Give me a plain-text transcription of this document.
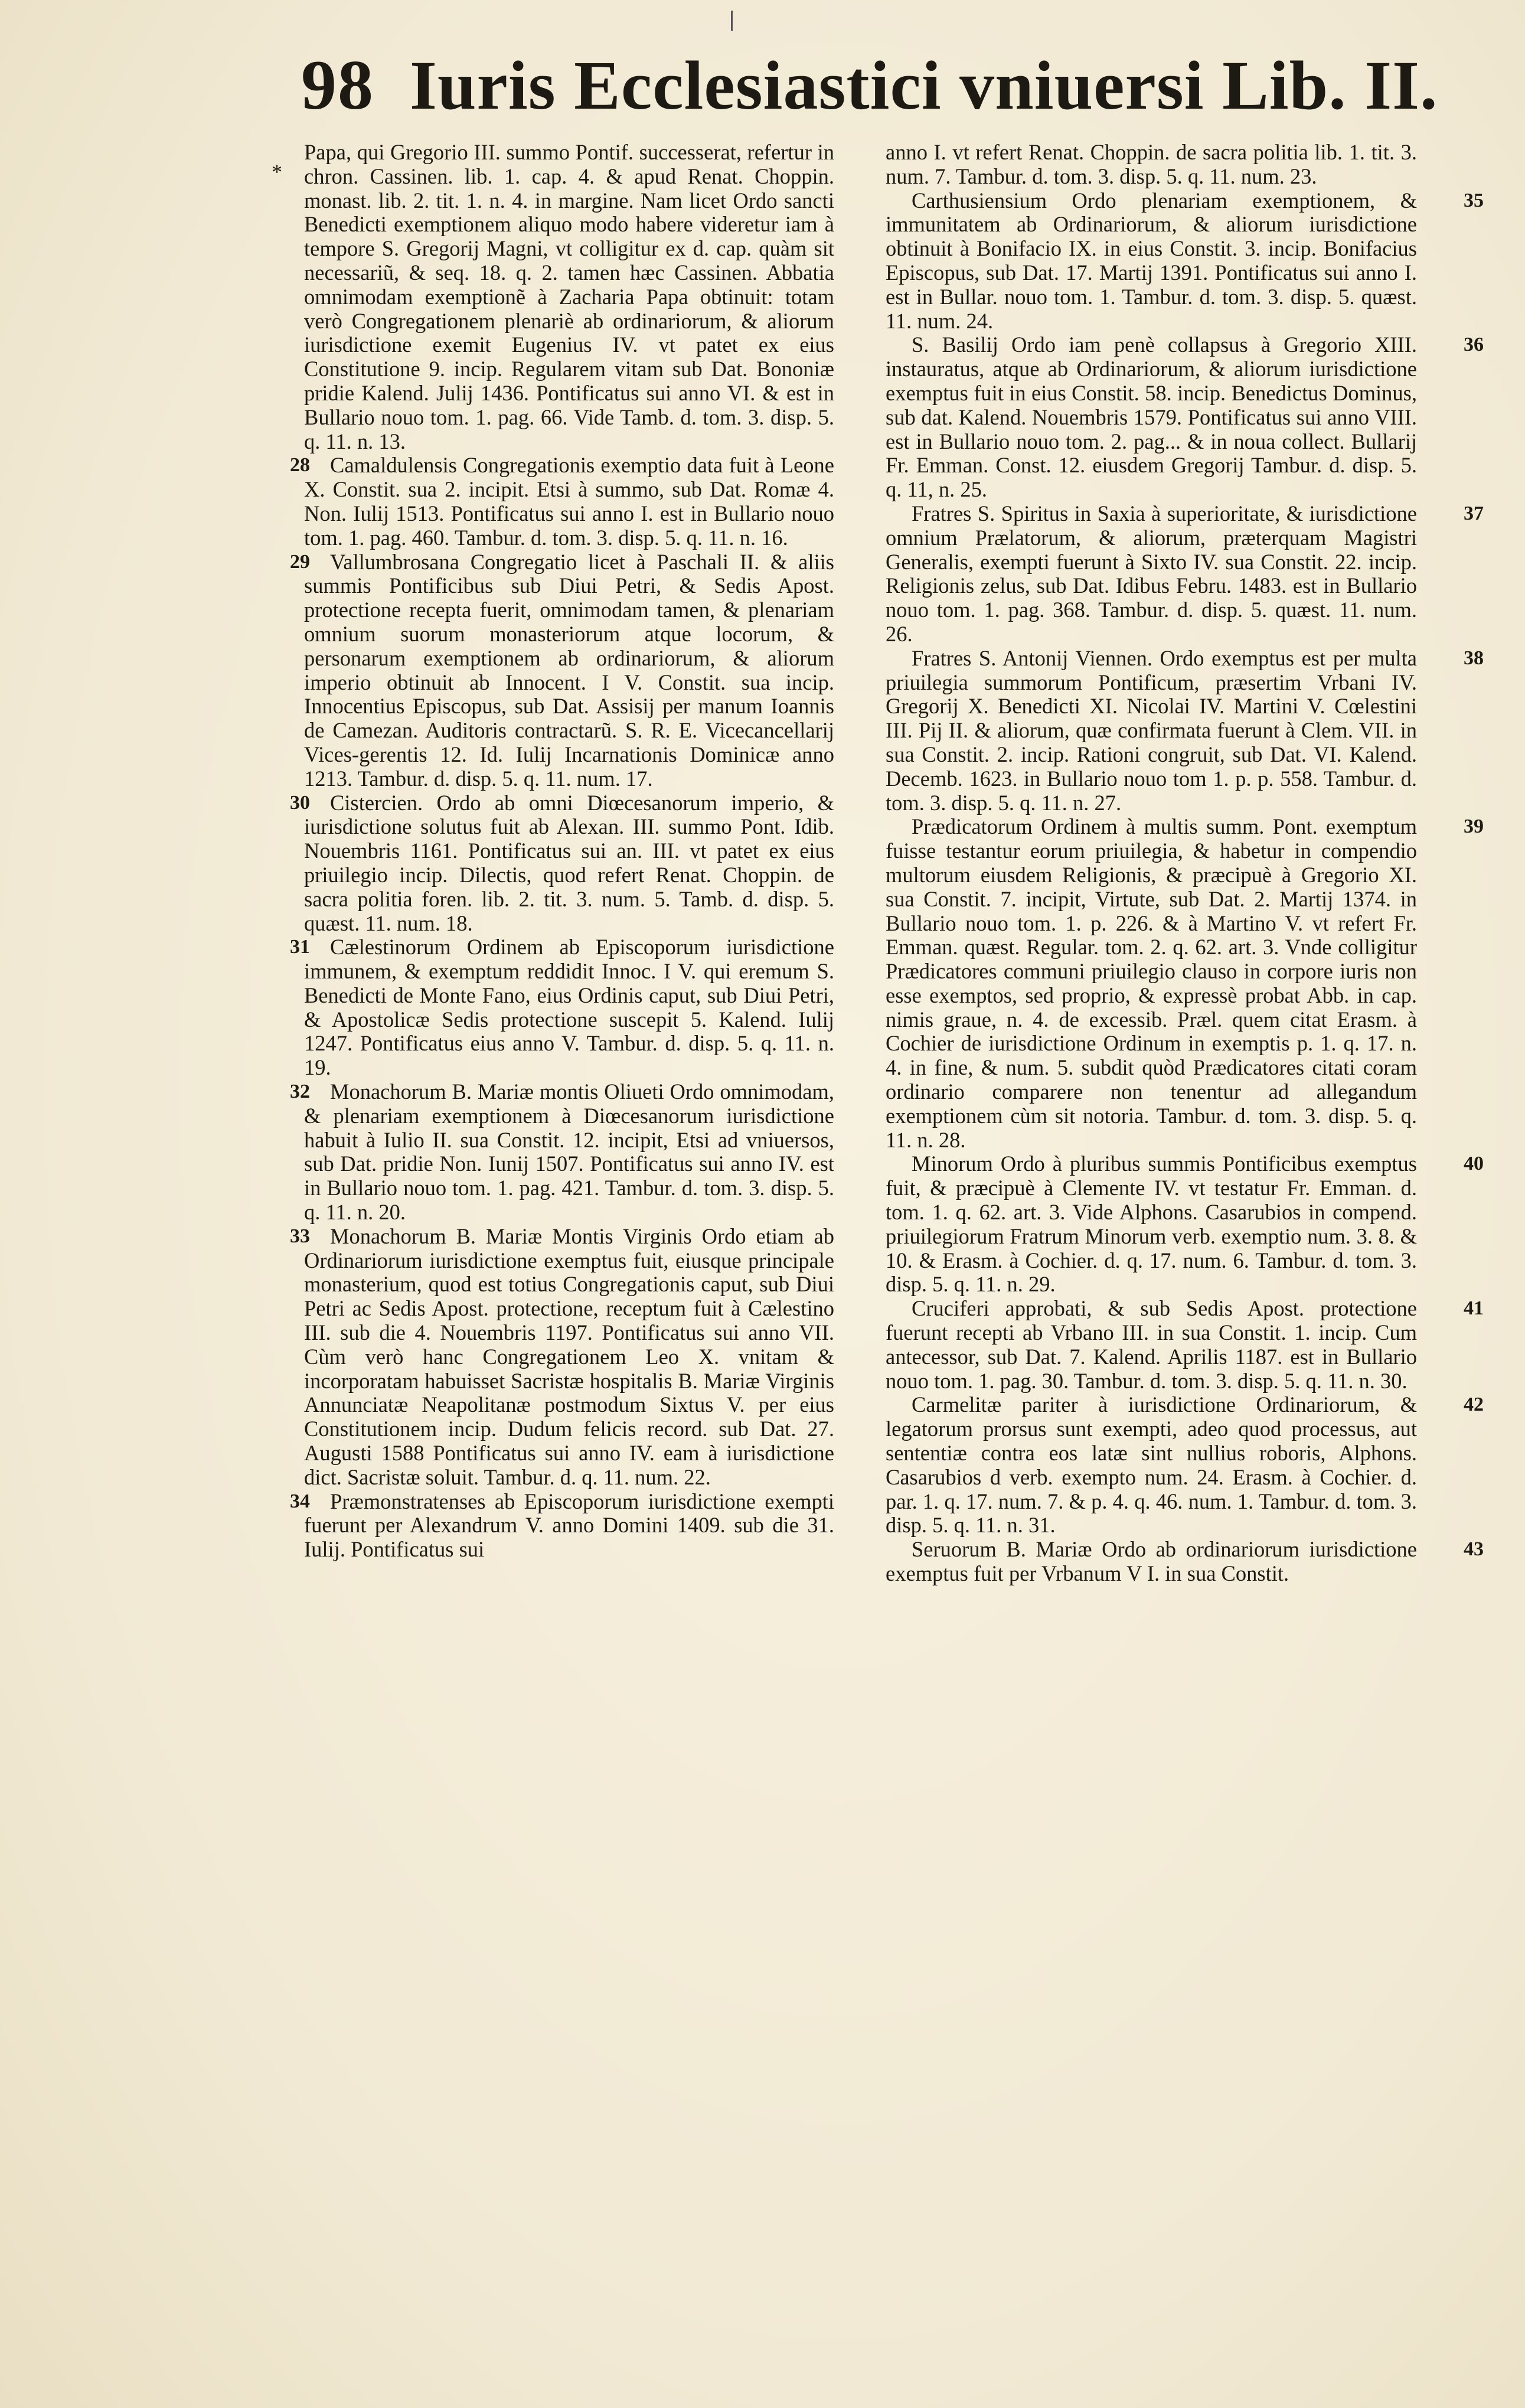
98 Iuris Ecclesiastici vniuersi Lib. II.
*

Papa, qui Gregorio III. summo Pontif. successerat, refertur in chron. Cassinen. lib. 1. cap. 4. & apud Renat. Choppin. monast. lib. 2. tit. 1. n. 4. in margine. Nam licet Ordo sancti Benedicti exemptionem aliquo modo habere videretur iam à tempore S. Gregorij Magni, vt colligitur ex d. cap. quàm sit necessariũ, & seq. 18. q. 2. tamen hæc Cassinen. Abbatia omnimodam exemptionẽ à Zacharia Papa obtinuit: totam verò Congregationem plenariè ab ordinariorum, & aliorum iurisdictione exemit Eugenius IV. vt patet ex eius Constitutione 9. incip. Regularem vitam sub Dat. Bononiæ pridie Kalend. Julij 1436. Pontificatus sui anno VI. & est in Bullario nouo tom. 1. pag. 66. Vide Tamb. d. tom. 3. disp. 5. q. 11. n. 13.

28 Camaldulensis Congregationis exemptio data fuit à Leone X. Constit. sua 2. incipit. Etsi à summo, sub Dat. Romæ 4. Non. Iulij 1513. Pontificatus sui anno I. est in Bullario nouo tom. 1. pag. 460. Tambur. d. tom. 3. disp. 5. q. 11. n. 16.

29 Vallumbrosana Congregatio licet à Paschali II. & aliis summis Pontificibus sub Diui Petri, & Sedis Apost. protectione recepta fuerit, omnimodam tamen, & plenariam omnium suorum monasteriorum atque locorum, & personarum exemptionem ab ordinariorum, & aliorum imperio obtinuit ab Innocent. I V. Constit. sua incip. Innocentius Episcopus, sub Dat. Assisij per manum Ioannis de Camezan. Auditoris contractarũ. S. R. E. Vicecancellarij Vices-gerentis 12. Id. Iulij Incarnationis Dominicæ anno 1213. Tambur. d. disp. 5. q. 11. num. 17.

30 Cistercien. Ordo ab omni Diœcesanorum imperio, & iurisdictione solutus fuit ab Alexan. III. summo Pont. Idib. Nouembris 1161. Pontificatus sui an. III. vt patet ex eius priuilegio incip. Dilectis, quod refert Renat. Choppin. de sacra politia foren. lib. 2. tit. 3. num. 5. Tamb. d. disp. 5. quæst. 11. num. 18.

31 Cælestinorum Ordinem ab Episcoporum iurisdictione immunem, & exemptum reddidit Innoc. I V. qui eremum S. Benedicti de Monte Fano, eius Ordinis caput, sub Diui Petri, & Apostolicæ Sedis protectione suscepit 5. Kalend. Iulij 1247. Pontificatus eius anno V. Tambur. d. disp. 5. q. 11. n. 19.

32 Monachorum B. Mariæ montis Oliueti Ordo omnimodam, & plenariam exemptionem à Diœcesanorum iurisdictione habuit à Iulio II. sua Constit. 12. incipit, Etsi ad vniuersos, sub Dat. pridie Non. Iunij 1507. Pontificatus sui anno IV. est in Bullario nouo tom. 1. pag. 421. Tambur. d. tom. 3. disp. 5. q. 11. n. 20.

33 Monachorum B. Mariæ Montis Virginis Ordo etiam ab Ordinariorum iurisdictione exemptus fuit, eiusque principale monasterium, quod est totius Congregationis caput, sub Diui Petri ac Sedis Apost. protectione, receptum fuit à Cælestino III. sub die 4. Nouembris 1197. Pontificatus sui anno VII. Cùm verò hanc Congregationem Leo X. vnitam & incorporatam habuisset Sacristæ hospitalis B. Mariæ Virginis Annunciatæ Neapolitanæ postmodum Sixtus V. per eius Constitutionem incip. Dudum felicis record. sub Dat. 27. Augusti 1588 Pontificatus sui anno IV. eam à iurisdictione dict. Sacristæ soluit. Tambur. d. q. 11. num. 22.

34 Præmonstratenses ab Episcoporum iurisdictione exempti fuerunt per Alexandrum V. anno Domini 1409. sub die 31. Iulij. Pontificatus sui

anno I. vt refert Renat. Choppin. de sacra politia lib. 1. tit. 3. num. 7. Tambur. d. tom. 3. disp. 5. q. 11. num. 23.

35
Carthusiensium Ordo plenariam exemptionem, & immunitatem ab Ordinariorum, & aliorum iurisdictione obtinuit à Bonifacio IX. in eius Constit. 3. incip. Bonifacius Episcopus, sub Dat. 17. Martij 1391. Pontificatus sui anno I. est in Bullar. nouo tom. 1. Tambur. d. tom. 3. disp. 5. quæst. 11. num. 24.

36
S. Basilij Ordo iam penè collapsus à Gregorio XIII. instauratus, atque ab Ordinariorum, & aliorum iurisdictione exemptus fuit in eius Constit. 58. incip. Benedictus Dominus, sub dat. Kalend. Nouembris 1579. Pontificatus sui anno VIII. est in Bullario nouo tom. 2. pag... & in noua collect. Bullarij Fr. Emman. Const. 12. eiusdem Gregorij Tambur. d. disp. 5. q. 11, n. 25.

37
Fratres S. Spiritus in Saxia à superioritate, & iurisdictione omnium Prælatorum, & aliorum, præterquam Magistri Generalis, exempti fuerunt à Sixto IV. sua Constit. 22. incip. Religionis zelus, sub Dat. Idibus Febru. 1483. est in Bullario nouo tom. 1. pag. 368. Tambur. d. disp. 5. quæst. 11. num. 26.

38
Fratres S. Antonij Viennen. Ordo exemptus est per multa priuilegia summorum Pontificum, præsertim Vrbani IV. Gregorij X. Benedicti XI. Nicolai IV. Martini V. Cœlestini III. Pij II. & aliorum, quæ confirmata fuerunt à Clem. VII. in sua Constit. 2. incip. Rationi congruit, sub Dat. VI. Kalend. Decemb. 1623. in Bullario nouo tom 1. p. p. 558. Tambur. d. tom. 3. disp. 5. q. 11. n. 27.

39
Prædicatorum Ordinem à multis summ. Pont. exemptum fuisse testantur eorum priuilegia, & habetur in compendio multorum eiusdem Religionis, & præcipuè à Gregorio XI. sua Constit. 7. incipit, Virtute, sub Dat. 2. Martij 1374. in Bullario nouo tom. 1. p. 226. & à Martino V. vt refert Fr. Emman. quæst. Regular. tom. 2. q. 62. art. 3. Vnde colligitur Prædicatores communi priuilegio clauso in corpore iuris non esse exemptos, sed proprio, & expressè probat Abb. in cap. nimis graue, n. 4. de excessib. Præl. quem citat Erasm. à Cochier de iurisdictione Ordinum in exemptis p. 1. q. 17. n. 4. in fine, & num. 5. subdit quòd Prædicatores citati coram ordinario comparere non tenentur ad allegandum exemptionem cùm sit notoria. Tambur. d. tom. 3. disp. 5. q. 11. n. 28.

40
Minorum Ordo à pluribus summis Pontificibus exemptus fuit, & præcipuè à Clemente IV. vt testatur Fr. Emman. d. tom. 1. q. 62. art. 3. Vide Alphons. Casarubios in compend. priuilegiorum Fratrum Minorum verb. exemptio num. 3. 8. & 10. & Erasm. à Cochier. d. q. 17. num. 6. Tambur. d. tom. 3. disp. 5. q. 11. n. 29.

41
Cruciferi approbati, & sub Sedis Apost. protectione fuerunt recepti ab Vrbano III. in sua Constit. 1. incip. Cum antecessor, sub Dat. 7. Kalend. Aprilis 1187. est in Bullario nouo tom. 1. pag. 30. Tambur. d. tom. 3. disp. 5. q. 11. n. 30.

42
Carmelitæ pariter à iurisdictione Ordinariorum, & legatorum prorsus sunt exempti, adeo quod processus, aut sententiæ contra eos latæ sint nullius roboris, Alphons. Casarubios d verb. exempto num. 24. Erasm. à Cochier. d. par. 1. q. 17. num. 7. & p. 4. q. 46. num. 1. Tambur. d. tom. 3. disp. 5. q. 11. n. 31.

43
Seruorum B. Mariæ Ordo ab ordinariorum iurisdictione exemptus fuit per Vrbanum V I. in sua Constit.
